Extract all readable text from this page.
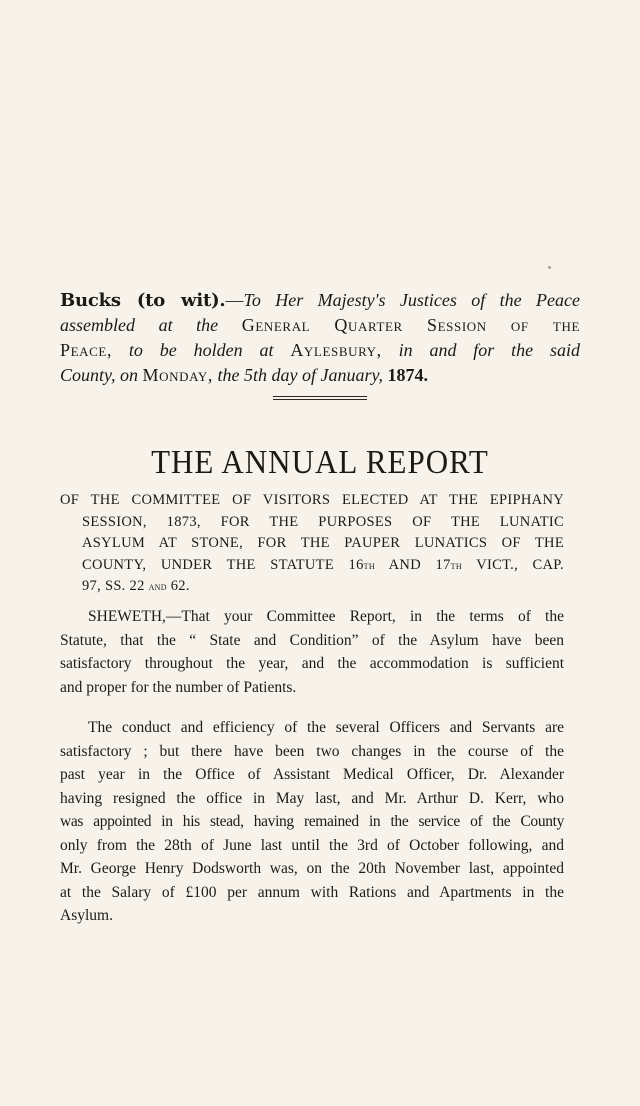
Bucks (to wit).—To Her Majesty's Justices of the Peace
assembled at the General Quarter Session of the
Peace, to be holden at Aylesbury, in and for the said
County, on Monday, the 5th day of January, 1874.
THE ANNUAL REPORT
OF THE COMMITTEE OF VISITORS ELECTED AT THE EPIPHANY
SESSION, 1873, FOR THE PURPOSES OF THE LUNATIC
ASYLUM AT STONE, FOR THE PAUPER LUNATICS OF THE
COUNTY, UNDER THE STATUTE 16th AND 17th VICT., CAP.
97, SS. 22 and 62.
SHEWETH,—That your Committee Report, in the terms of the
Statute, that the “ State and Condition” of the Asylum have been
satisfactory throughout the year, and the accommodation is sufficient
and proper for the number of Patients.
The conduct and efficiency of the several Officers and Servants are
satisfactory ; but there have been two changes in the course of the
past year in the Office of Assistant Medical Officer, Dr. Alexander
having resigned the office in May last, and Mr. Arthur D. Kerr, who
was appointed in his stead, having remained in the service of the County
only from the 28th of June last until the 3rd of October following, and
Mr. George Henry Dodsworth was, on the 20th November last, appointed
at the Salary of £100 per annum with Rations and Apartments in the
Asylum.
